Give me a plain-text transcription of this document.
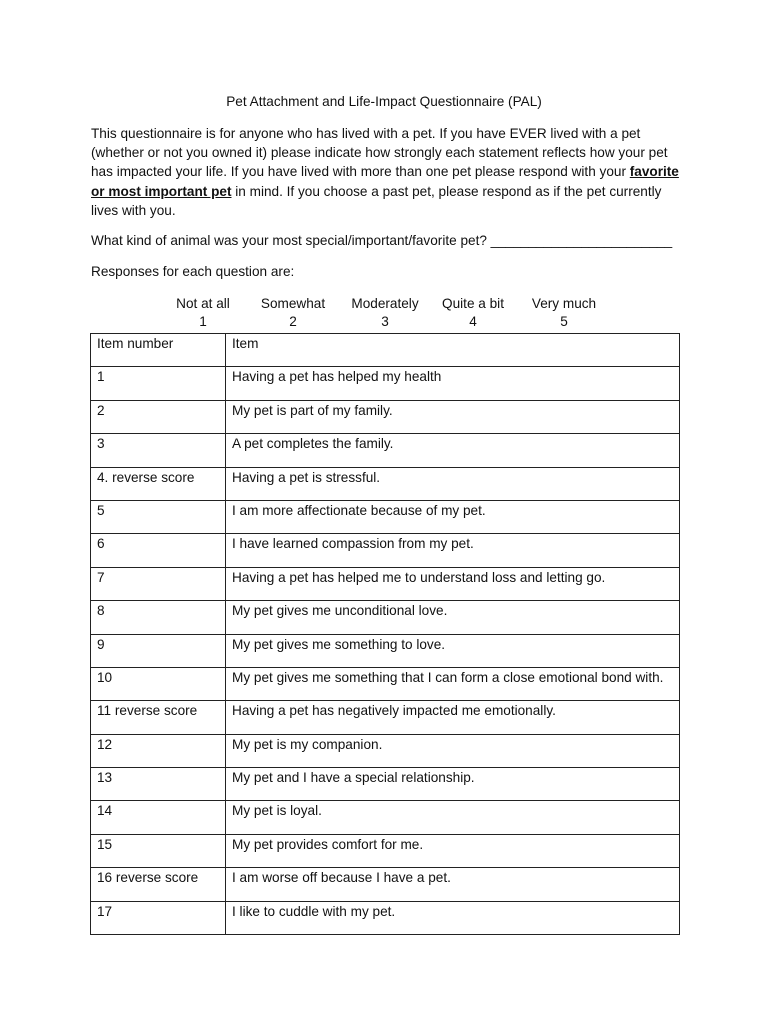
Pet Attachment and Life-Impact Questionnaire (PAL)

This questionnaire is for anyone who has lived with a pet. If you have EVER lived with a pet (whether or not you owned it) please indicate how strongly each statement reflects how your pet has impacted your life. If you have lived with more than one pet please respond with your favorite or most important pet in mind. If you choose a past pet, please respond as if the pet currently lives with you.

What kind of animal was your most special/important/favorite pet? ________________________
Responses for each question are:
Not at all
1
Somewhat
2
Moderately
3
Quite a bit
4
Very much
5
Item number	Item
1	Having a pet has helped my health
2	My pet is part of my family.
3	A pet completes the family.
4. reverse score	Having a pet is stressful.
5	I am more affectionate because of my pet.
6	I have learned compassion from my pet.
7	Having a pet has helped me to understand loss and letting go.
8	My pet gives me unconditional love.
9	My pet gives me something to love.
10	My pet gives me something that I can form a close emotional bond with.
11 reverse score	Having a pet has negatively impacted me emotionally.
12	My pet is my companion.
13	My pet and I have a special relationship.
14	My pet is loyal.
15	My pet provides comfort for me.
16 reverse score	I am worse off because I have a pet.
17	I like to cuddle with my pet.
